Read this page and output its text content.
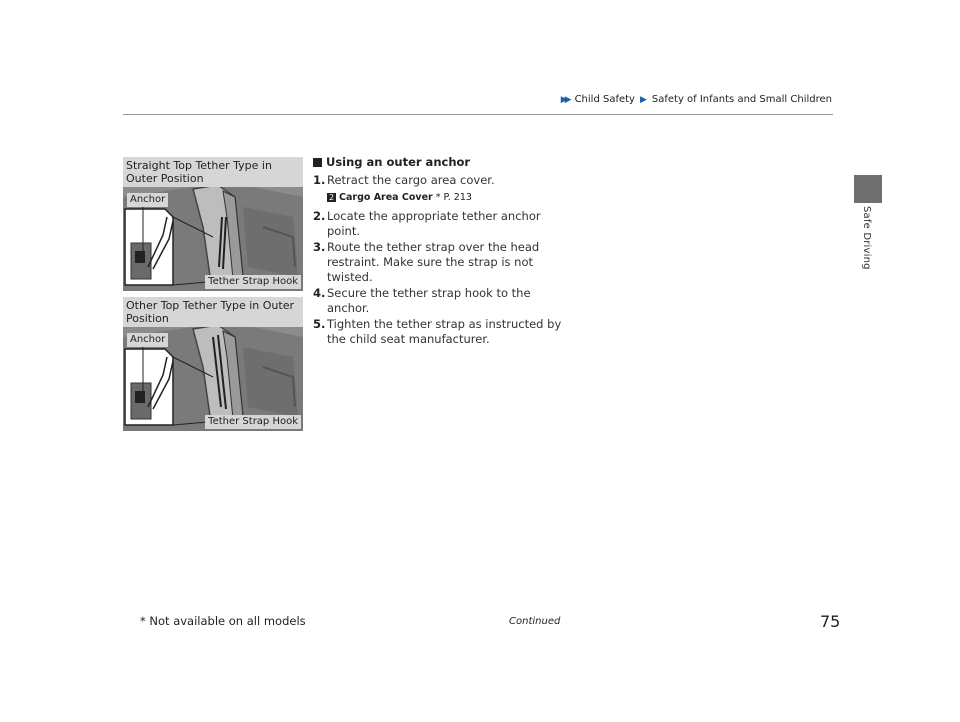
▶▶ Child Safety ▶ Safety of Infants and Small Children
Safe Driving
Straight Top Tether Type in Outer Position
Anchor
Tether Strap Hook
Other Top Tether Type in Outer Position
Anchor
Tether Strap Hook
Using an outer anchor
1. Retract the cargo area cover.
2 Cargo Area Cover * P. 213
2. Locate the appropriate tether anchor point.
3. Route the tether strap over the head restraint. Make sure the strap is not twisted.
4. Secure the tether strap hook to the anchor.
5. Tighten the tether strap as instructed by the child seat manufacturer.
* Not available on all models	Continued	75
